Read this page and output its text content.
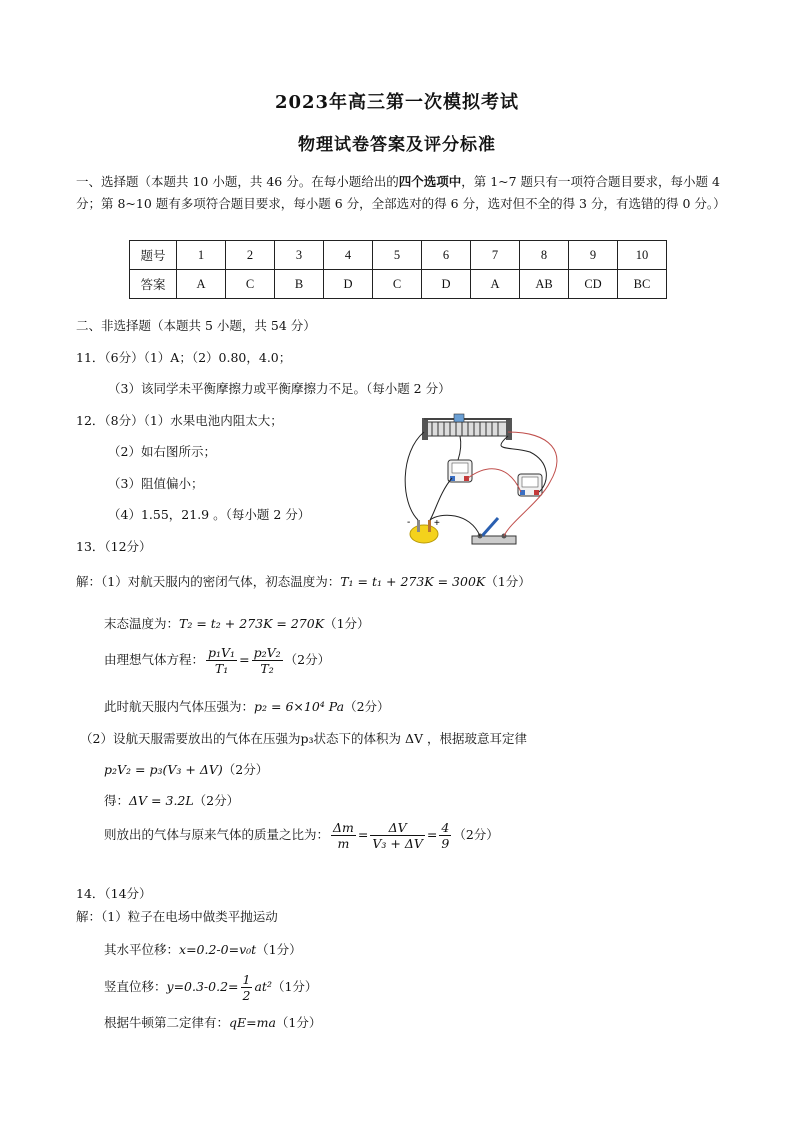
2023年高三第一次模拟考试
物理试卷答案及评分标准
一、选择题（本题共 10 小题，共 46 分。在每小题给出的四个选项中，第 1~7 题只有一项符合题目要求，每小题 4 分；第 8~10 题有多项符合题目要求，每小题 6 分，全部选对的得 6 分，选对但不全的得 3 分，有选错的得 0 分。）
题号	1	2	3	4	5	6	7	8	9	10
答案	A	C	B	D	C	D	A	AB	CD	BC
二、非选择题（本题共 5 小题，共 54 分）
11．（6分）（1）A；（2）0.80，4.0；
（3）该同学未平衡摩擦力或平衡摩擦力不足。（每小题 2 分）
12．（8分）（1）水果电池内阻太大；
（2）如右图所示；
（3）阻值偏小；
（4）1.55，21.9 。（每小题 2 分）
- +
13．（12分）
解：（1）对航天服内的密闭气体，初态温度为：T₁ = t₁ + 273K = 300K（1分）
末态温度为：T₂ = t₂ + 273K = 270K（1分）
由理想气体方程： $\frac{\text{p₁V₁}}{\text{T₁}} = \frac{\text{p₂V₂}}{\text{T₂}} (2$分）
此时航天服内气体压强为：p₂ = 6×10⁴ Pa（2分）
（2）设航天服需要放出的气体在压强为p₃状态下的体积为 ΔV ，根据玻意耳定律
p₂V₂ = p₃(V₃ + ΔV)（2分）
得：ΔV = 3.2L（2分）
则放出的气体与原来气体的质量之比为： $\frac{\Delta m}{m} = \frac{\Delta V}{\text{V₃ + ΔV}} = \frac{4}{9} (2$分）
14．（14分）
解：（1）粒子在电场中做类平抛运动
其水平位移：x=0.2-0=v₀t（1分）
竖直位移：$y=0.3-0.2= \frac{1}{2} at^2(1$分）
根据牛顿第二定律有：qE=ma（1分）
